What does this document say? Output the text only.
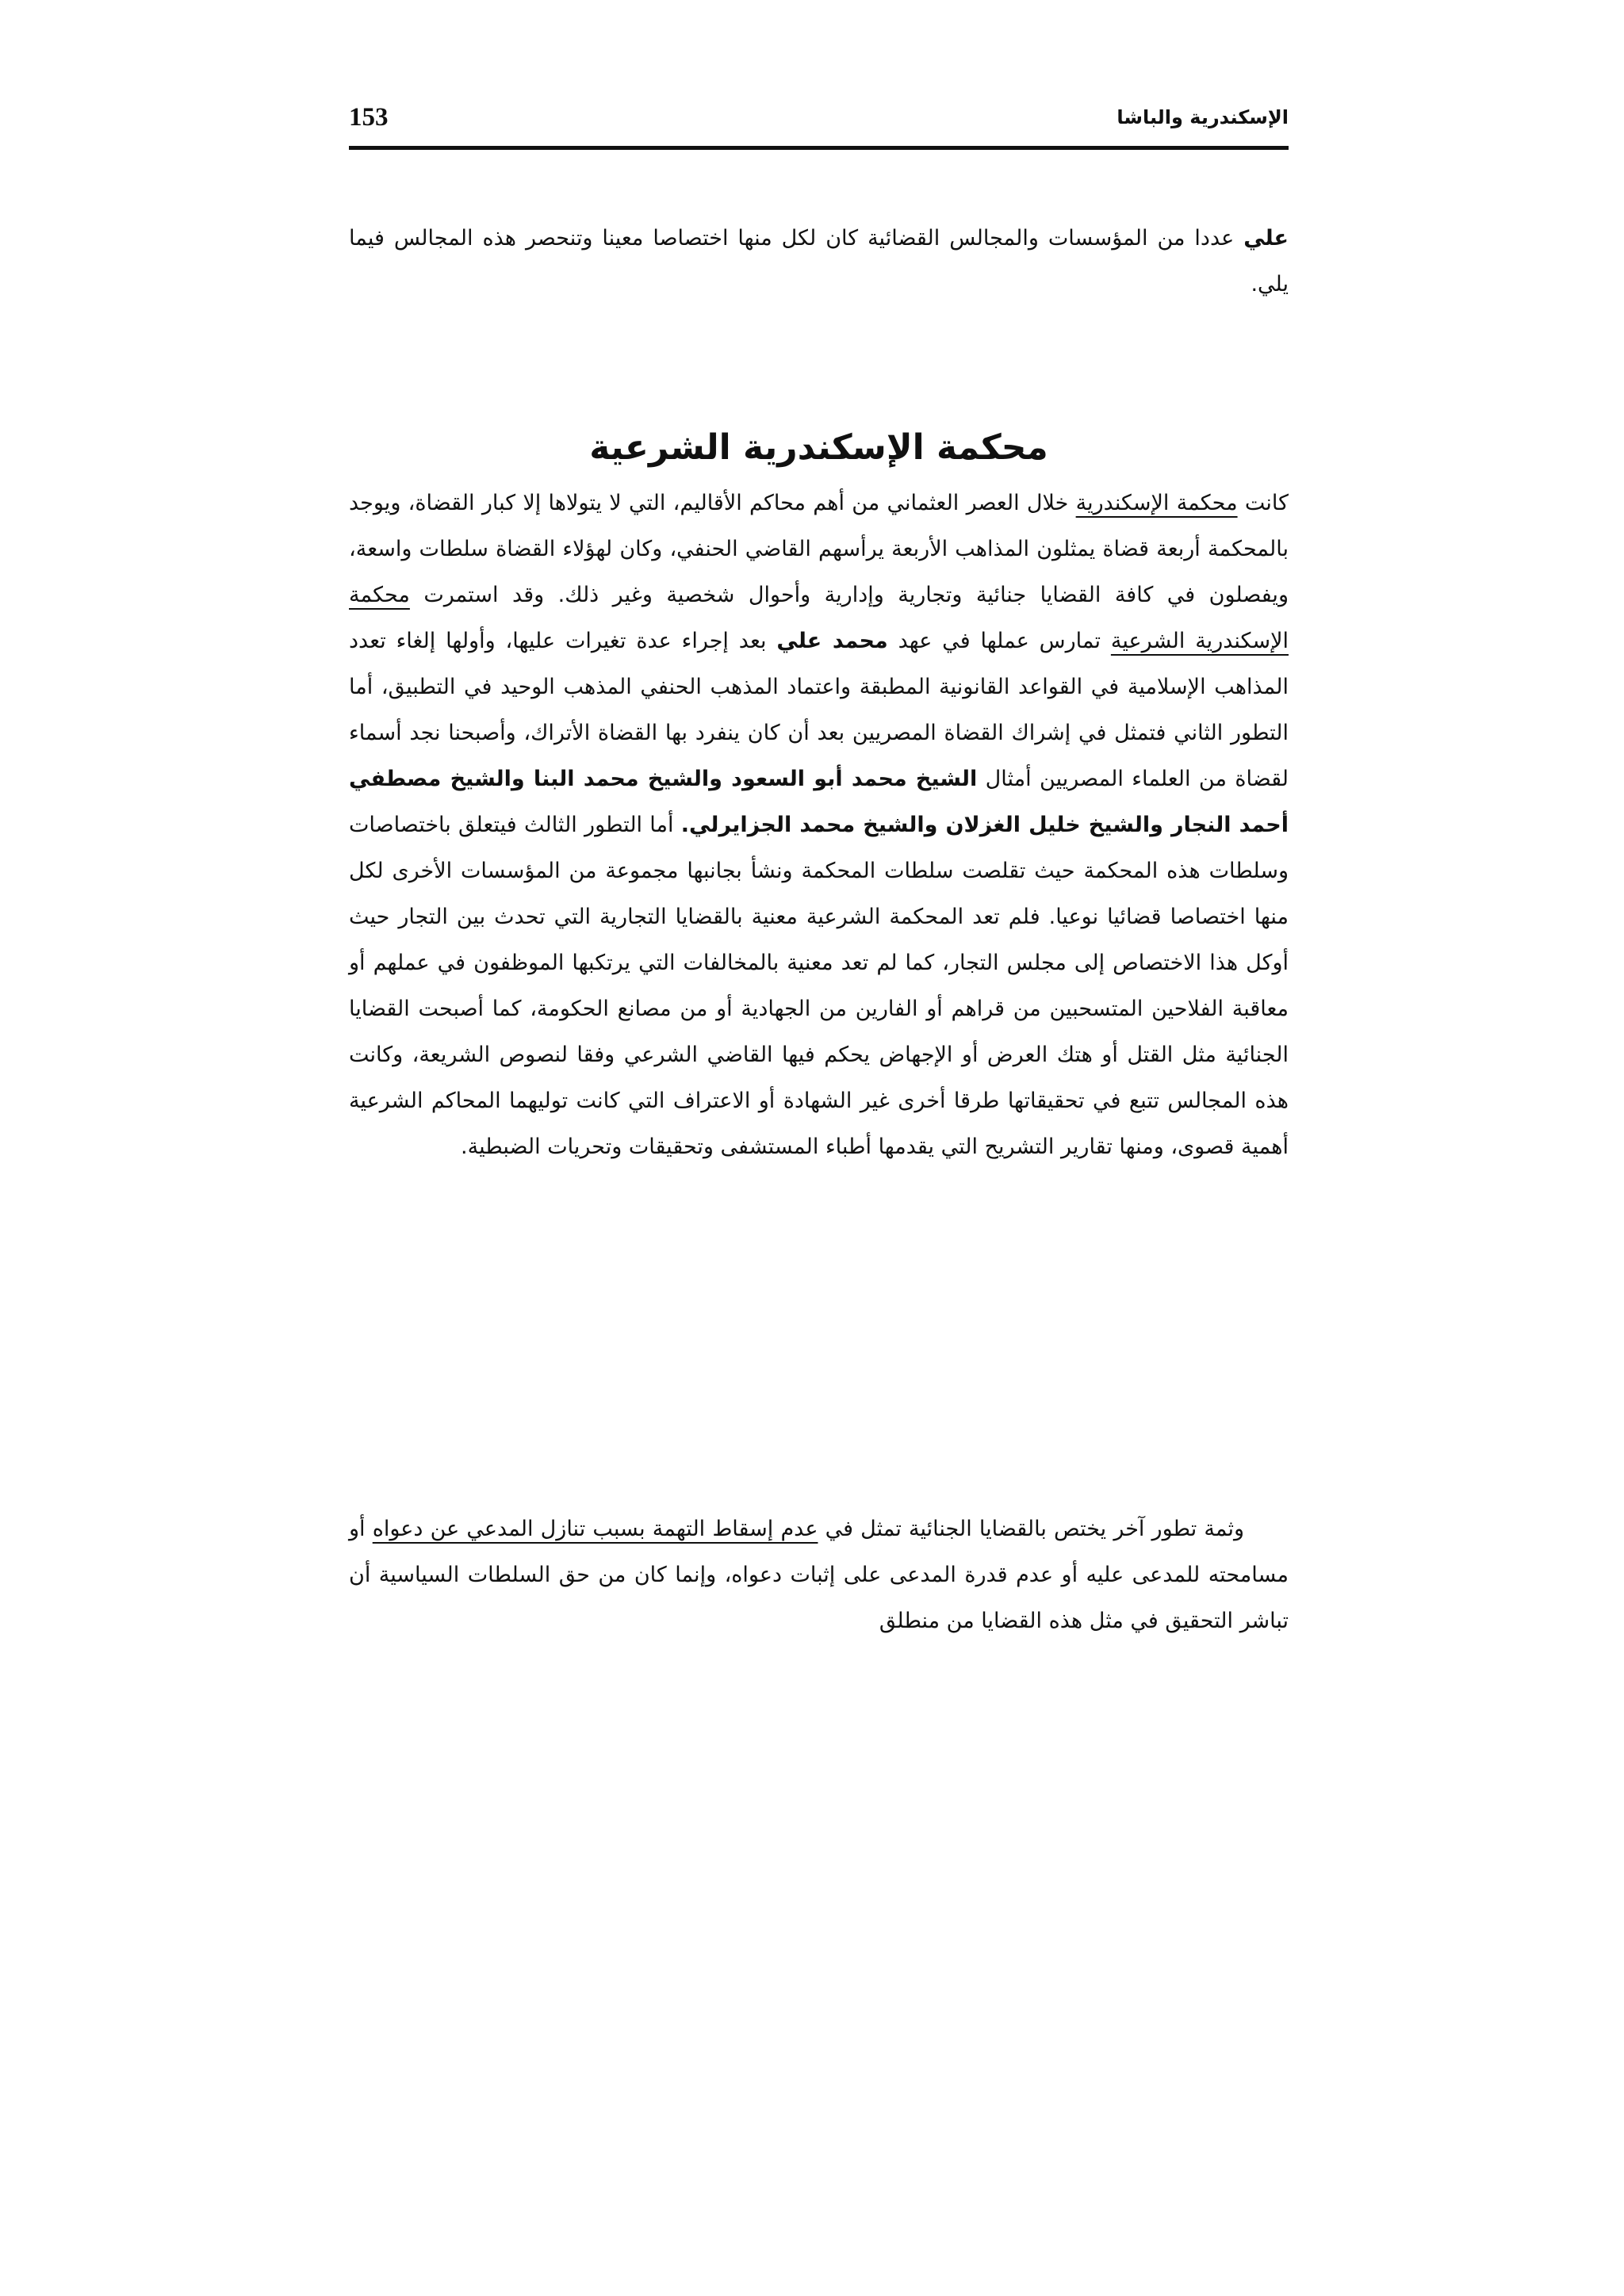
153	الإسكندرية والباشا

علي عددا من المؤسسات والمجالس القضائية كان لكل منها اختصاصا معينا وتنحصر هذه المجالس فيما يلي.

محكمة الإسكندرية الشرعية

كانت محكمة الإسكندرية خلال العصر العثماني من أهم محاكم الأقاليم، التي لا يتولاها إلا كبار القضاة، ويوجد بالمحكمة أربعة قضاة يمثلون المذاهب الأربعة يرأسهم القاضي الحنفي، وكان لهؤلاء القضاة سلطات واسعة، ويفصلون في كافة القضايا جنائية وتجارية وإدارية وأحوال شخصية وغير ذلك. وقد استمرت محكمة الإسكندرية الشرعية تمارس عملها في عهد محمد علي بعد إجراء عدة تغيرات عليها، وأولها إلغاء تعدد المذاهب الإسلامية في القواعد القانونية المطبقة واعتماد المذهب الحنفي المذهب الوحيد في التطبيق، أما التطور الثاني فتمثل في إشراك القضاة المصريين بعد أن كان ينفرد بها القضاة الأتراك، وأصبحنا نجد أسماء لقضاة من العلماء المصريين أمثال الشيخ محمد أبو السعود والشيخ محمد البنا والشيخ مصطفي أحمد النجار والشيخ خليل الغزلان والشيخ محمد الجزايرلي. أما التطور الثالث فيتعلق باختصاصات وسلطات هذه المحكمة حيث تقلصت سلطات المحكمة ونشأ بجانبها مجموعة من المؤسسات الأخرى لكل منها اختصاصا قضائيا نوعيا. فلم تعد المحكمة الشرعية معنية بالقضايا التجارية التي تحدث بين التجار حيث أوكل هذا الاختصاص إلى مجلس التجار، كما لم تعد معنية بالمخالفات التي يرتكبها الموظفون في عملهم أو معاقبة الفلاحين المتسحبين من قراهم أو الفارين من الجهادية أو من مصانع الحكومة، كما أصبحت القضايا الجنائية مثل القتل أو هتك العرض أو الإجهاض يحكم فيها القاضي الشرعي وفقا لنصوص الشريعة، وكانت هذه المجالس تتبع في تحقيقاتها طرقا أخرى غير الشهادة أو الاعتراف التي كانت توليهما المحاكم الشرعية أهمية قصوى، ومنها تقارير التشريح التي يقدمها أطباء المستشفى وتحقيقات وتحريات الضبطية.

وثمة تطور آخر يختص بالقضايا الجنائية تمثل في عدم إسقاط التهمة بسبب تنازل المدعي عن دعواه أو مسامحته للمدعى عليه أو عدم قدرة المدعى على إثبات دعواه، وإنما كان من حق السلطات السياسية أن تباشر التحقيق في مثل هذه القضايا من منطلق
